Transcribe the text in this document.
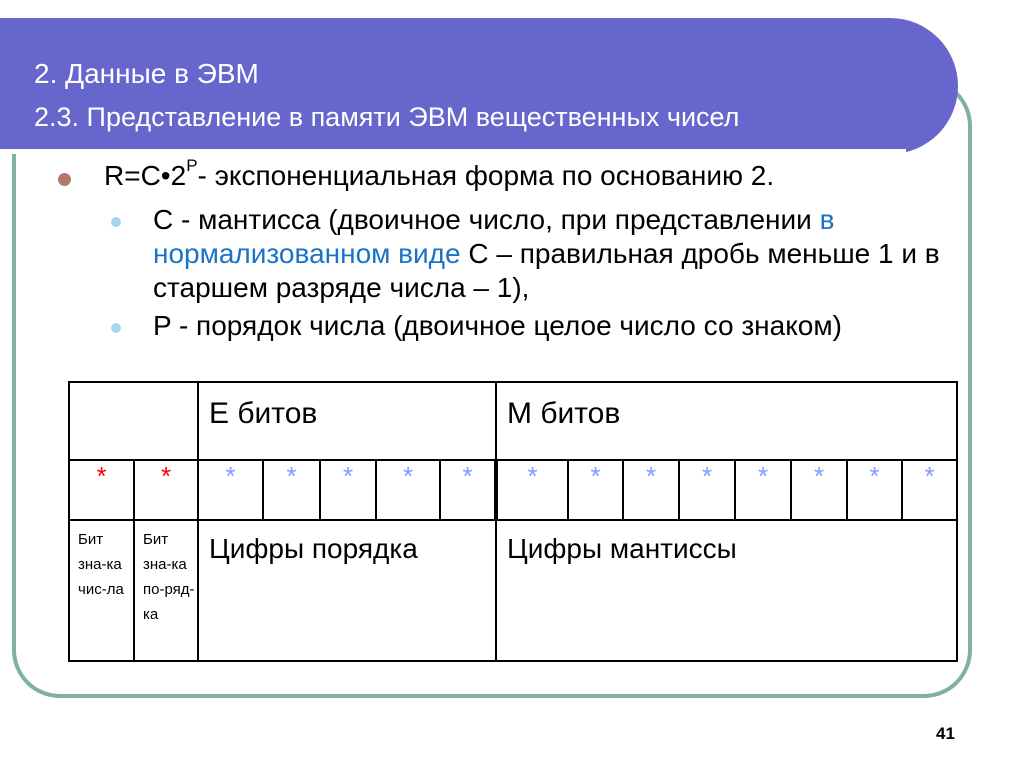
2. Данные в ЭВМ
2.3. Представление в памяти ЭВМ вещественных чисел
$R=C•2^P-$ экспоненциальная форма по основанию 2.
C - мантисса (двоичное число, при представлении в нормализованном виде C – правильная дробь меньше 1 и в старшем разряде числа – 1),
P - порядок числа (двоичное целое число со знаком)
		E битов					M битов							
*	*	*	*	*	*	*	*	*	*	*	*	*	*	*
Бит зна-ка чис-ла	Бит зна-ка по-ряд-ка	Цифры порядка					Цифры мантиссы							
41
